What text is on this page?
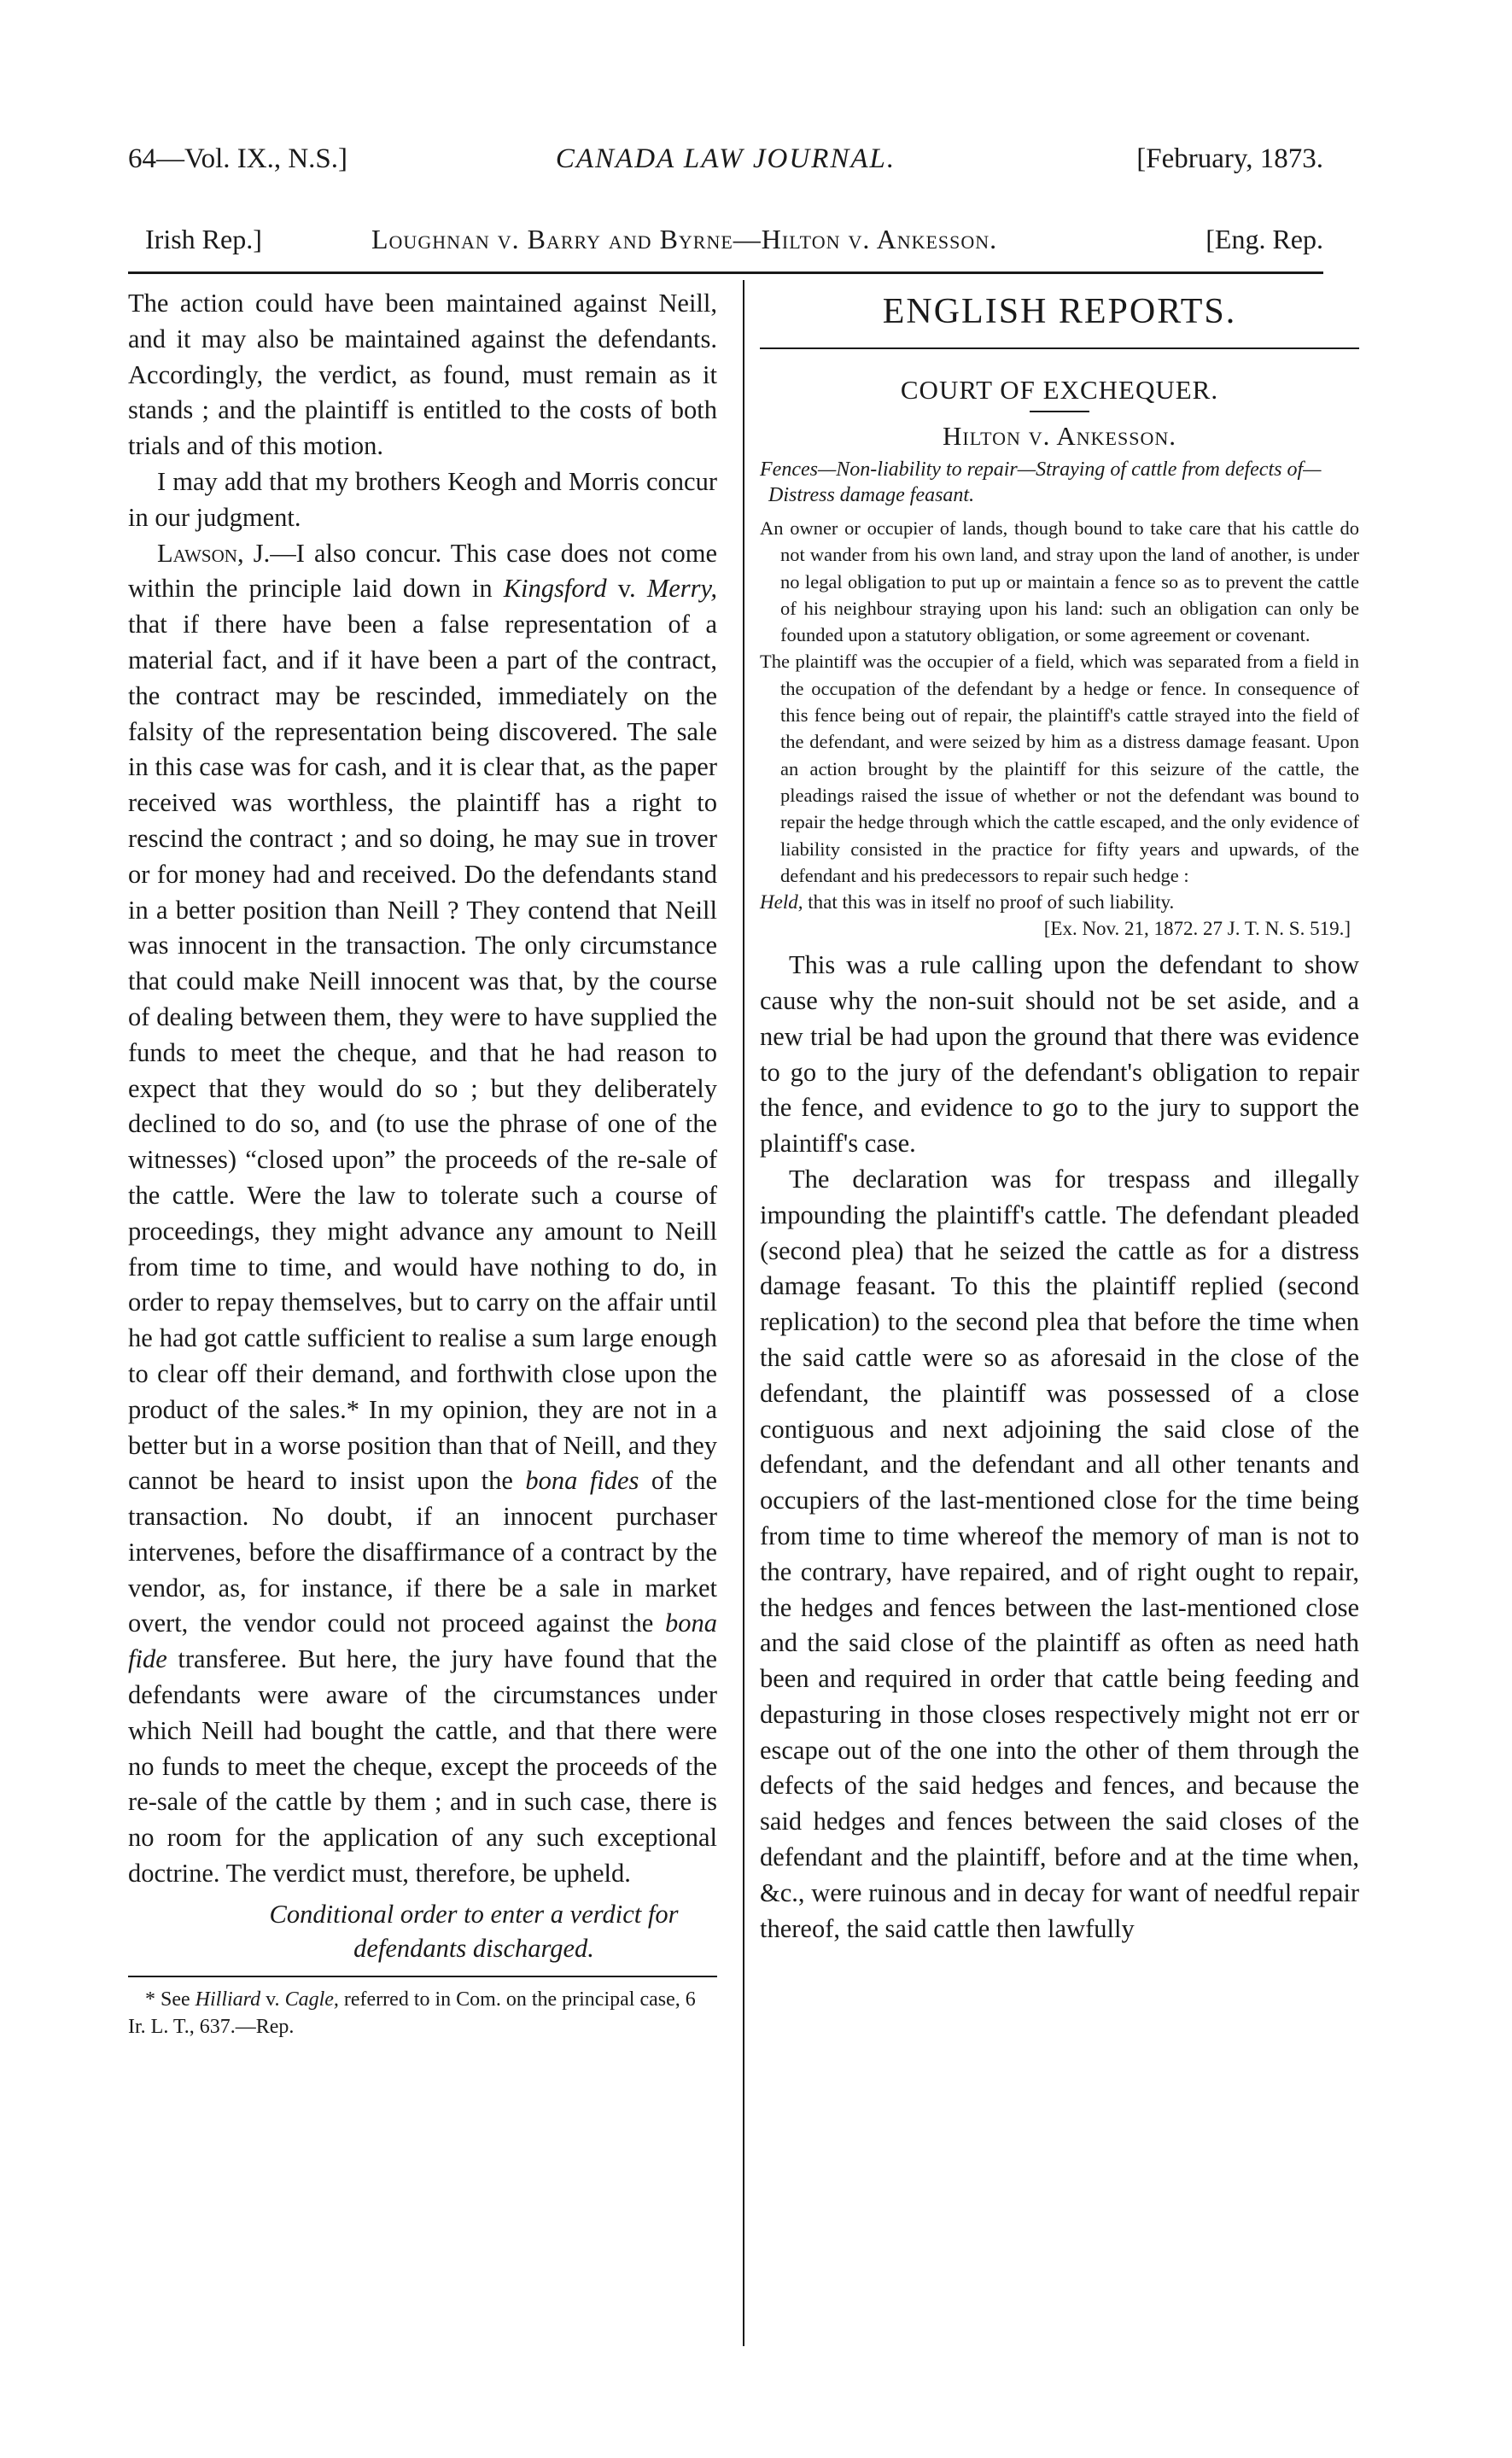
64—Vol. IX., N.S.]	CANADA LAW JOURNAL.	[February, 1873.
Irish Rep.]	Loughnan v. Barry and Byrne—Hilton v. Ankesson.	[Eng. Rep.

The action could have been maintained against Neill, and it may also be maintained against the defendants. Accordingly, the verdict, as found, must remain as it stands ; and the plaintiff is entitled to the costs of both trials and of this motion.

I may add that my brothers Keogh and Morris concur in our judgment.

Lawson, J.—I also concur. This case does not come within the principle laid down in Kingsford v. Merry, that if there have been a false representation of a material fact, and if it have been a part of the contract, the contract may be rescinded, immediately on the falsity of the representation being discovered. The sale in this case was for cash, and it is clear that, as the paper received was worthless, the plaintiff has a right to rescind the contract ; and so doing, he may sue in trover or for money had and received. Do the defendants stand in a better position than Neill ? They contend that Neill was innocent in the transaction. The only circumstance that could make Neill innocent was that, by the course of dealing between them, they were to have supplied the funds to meet the cheque, and that he had reason to expect that they would do so ; but they deliberately declined to do so, and (to use the phrase of one of the witnesses) “closed upon” the proceeds of the re-sale of the cattle. Were the law to tolerate such a course of proceedings, they might advance any amount to Neill from time to time, and would have nothing to do, in order to repay themselves, but to carry on the affair until he had got cattle sufficient to realise a sum large enough to clear off their demand, and forthwith close upon the product of the sales.* In my opinion, they are not in a better but in a worse position than that of Neill, and they cannot be heard to insist upon the bona fides of the transaction. No doubt, if an innocent purchaser intervenes, before the disaffirmance of a contract by the vendor, as, for instance, if there be a sale in market overt, the vendor could not proceed against the bona fide transferee. But here, the jury have found that the defendants were aware of the circumstances under which Neill had bought the cattle, and that there were no funds to meet the cheque, except the proceeds of the re-sale of the cattle by them ; and in such case, there is no room for the application of any such exceptional doctrine. The verdict must, therefore, be upheld.

Conditional order to enter a verdict for

defendants discharged.

* See Hilliard v. Cagle, referred to in Com. on the principal case, 6 Ir. L. T., 637.—Rep.

ENGLISH REPORTS.

COURT OF EXCHEQUER.

Hilton v. Ankesson.

Fences—Non-liability to repair—Straying of cattle from defects of—Distress damage feasant.

An owner or occupier of lands, though bound to take care that his cattle do not wander from his own land, and stray upon the land of another, is under no legal obligation to put up or maintain a fence so as to prevent the cattle of his neighbour straying upon his land: such an obligation can only be founded upon a statutory obligation, or some agreement or covenant.

The plaintiff was the occupier of a field, which was separated from a field in the occupation of the defendant by a hedge or fence. In consequence of this fence being out of repair, the plaintiff's cattle strayed into the field of the defendant, and were seized by him as a distress damage feasant. Upon an action brought by the plaintiff for this seizure of the cattle, the pleadings raised the issue of whether or not the defendant was bound to repair the hedge through which the cattle escaped, and the only evidence of liability consisted in the practice for fifty years and upwards, of the defendant and his predecessors to repair such hedge :

Held, that this was in itself no proof of such liability.

[Ex. Nov. 21, 1872. 27 J. T. N. S. 519.]

This was a rule calling upon the defendant to show cause why the non-suit should not be set aside, and a new trial be had upon the ground that there was evidence to go to the jury of the defendant's obligation to repair the fence, and evidence to go to the jury to support the plaintiff's case.

The declaration was for trespass and illegally impounding the plaintiff's cattle. The defendant pleaded (second plea) that he seized the cattle as for a distress damage feasant. To this the plaintiff replied (second replication) to the second plea that before the time when the said cattle were so as aforesaid in the close of the defendant, the plaintiff was possessed of a close contiguous and next adjoining the said close of the defendant, and the defendant and all other tenants and occupiers of the last-mentioned close for the time being from time to time whereof the memory of man is not to the contrary, have repaired, and of right ought to repair, the hedges and fences between the last-mentioned close and the said close of the plaintiff as often as need hath been and required in order that cattle being feeding and depasturing in those closes respectively might not err or escape out of the one into the other of them through the defects of the said hedges and fences, and because the said hedges and fences between the said closes of the defendant and the plaintiff, before and at the time when, &c., were ruinous and in decay for want of needful repair thereof, the said cattle then lawfully
